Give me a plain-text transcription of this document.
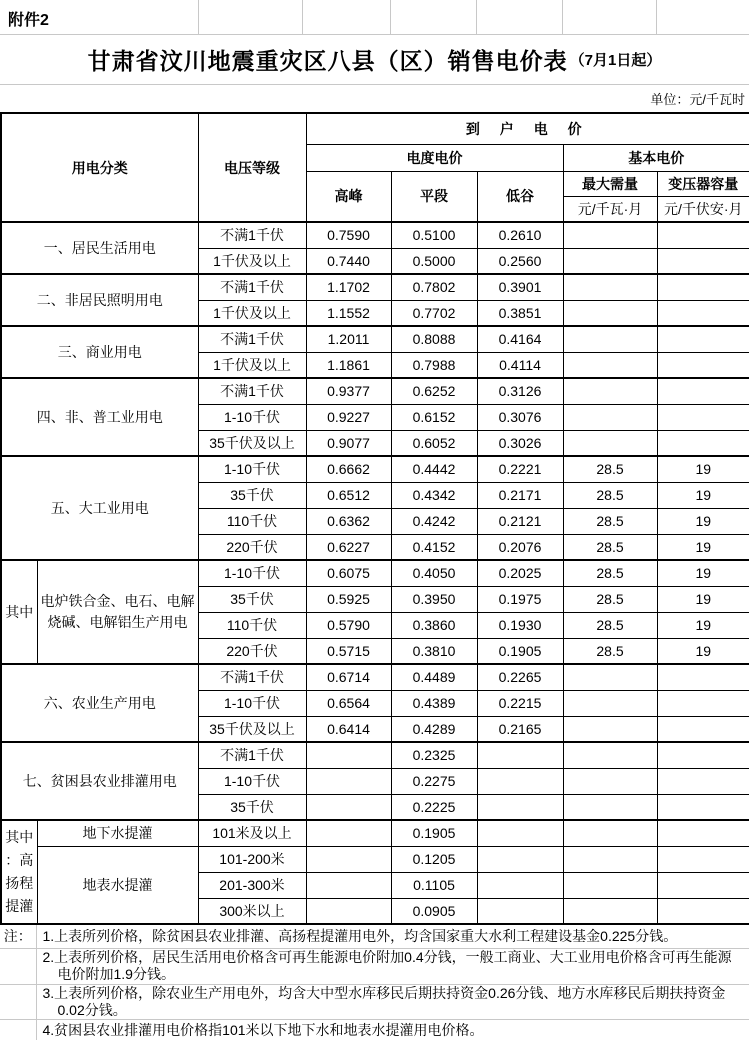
附件2
甘肃省汶川地震重灾区八县（区）销售电价表 （7月1日起）
单位：元/千瓦时
用电分类		电压等级	到 户 电 价				
			电度电价			基本电价	
			高峰	平段	低谷	最大需量	变压器容量
						元/千瓦·月	元/千伏安·月
一、居民生活用电		不满1千伏	0.7590	0.5100	0.2610		
		1千伏及以上	0.7440	0.5000	0.2560		
二、非居民照明用电		不满1千伏	1.1702	0.7802	0.3901		
		1千伏及以上	1.1552	0.7702	0.3851		
三、商业用电		不满1千伏	1.2011	0.8088	0.4164		
		1千伏及以上	1.1861	0.7988	0.4114		
四、非、普工业用电		不满1千伏	0.9377	0.6252	0.3126		
		1-10千伏	0.9227	0.6152	0.3076		
		35千伏及以上	0.9077	0.6052	0.3026		
五、大工业用电		1-10千伏	0.6662	0.4442	0.2221	28.5	19
		35千伏	0.6512	0.4342	0.2171	28.5	19
		110千伏	0.6362	0.4242	0.2121	28.5	19
		220千伏	0.6227	0.4152	0.2076	28.5	19
其中	电炉铁合金、电石、电解烧碱、电解铝生产用电	1-10千伏	0.6075	0.4050	0.2025	28.5	19
		35千伏	0.5925	0.3950	0.1975	28.5	19
		110千伏	0.5790	0.3860	0.1930	28.5	19
		220千伏	0.5715	0.3810	0.1905	28.5	19
六、农业生产用电		不满1千伏	0.6714	0.4489	0.2265		
		1-10千伏	0.6564	0.4389	0.2215		
		35千伏及以上	0.6414	0.4289	0.2165		
七、贫困县农业排灌用电		不满1千伏		0.2325			
		1-10千伏		0.2275			
		35千伏		0.2225			
其中：高扬程提灌	地下水提灌	101米及以上		0.1905			
	地表水提灌	101-200米		0.1205			
		201-300米		0.1105			
		300米以上		0.0905			
注：	1.上表所列价格，除贫困县农业排灌、高扬程提灌用电外，均含国家重大水利工程建设基金0.225分钱。

	2.上表所列价格，居民生活用电价格含可再生能源电价附加0.4分钱，一般工商业、大工业用电价格含可再生能源电价附加1.9分钱。

	3.上表所列价格，除农业生产用电外，均含大中型水库移民后期扶持资金0.26分钱、地方水库移民后期扶持资金0.02分钱。

	4.贫困县农业排灌用电价格指101米以下地下水和地表水提灌用电价格。
